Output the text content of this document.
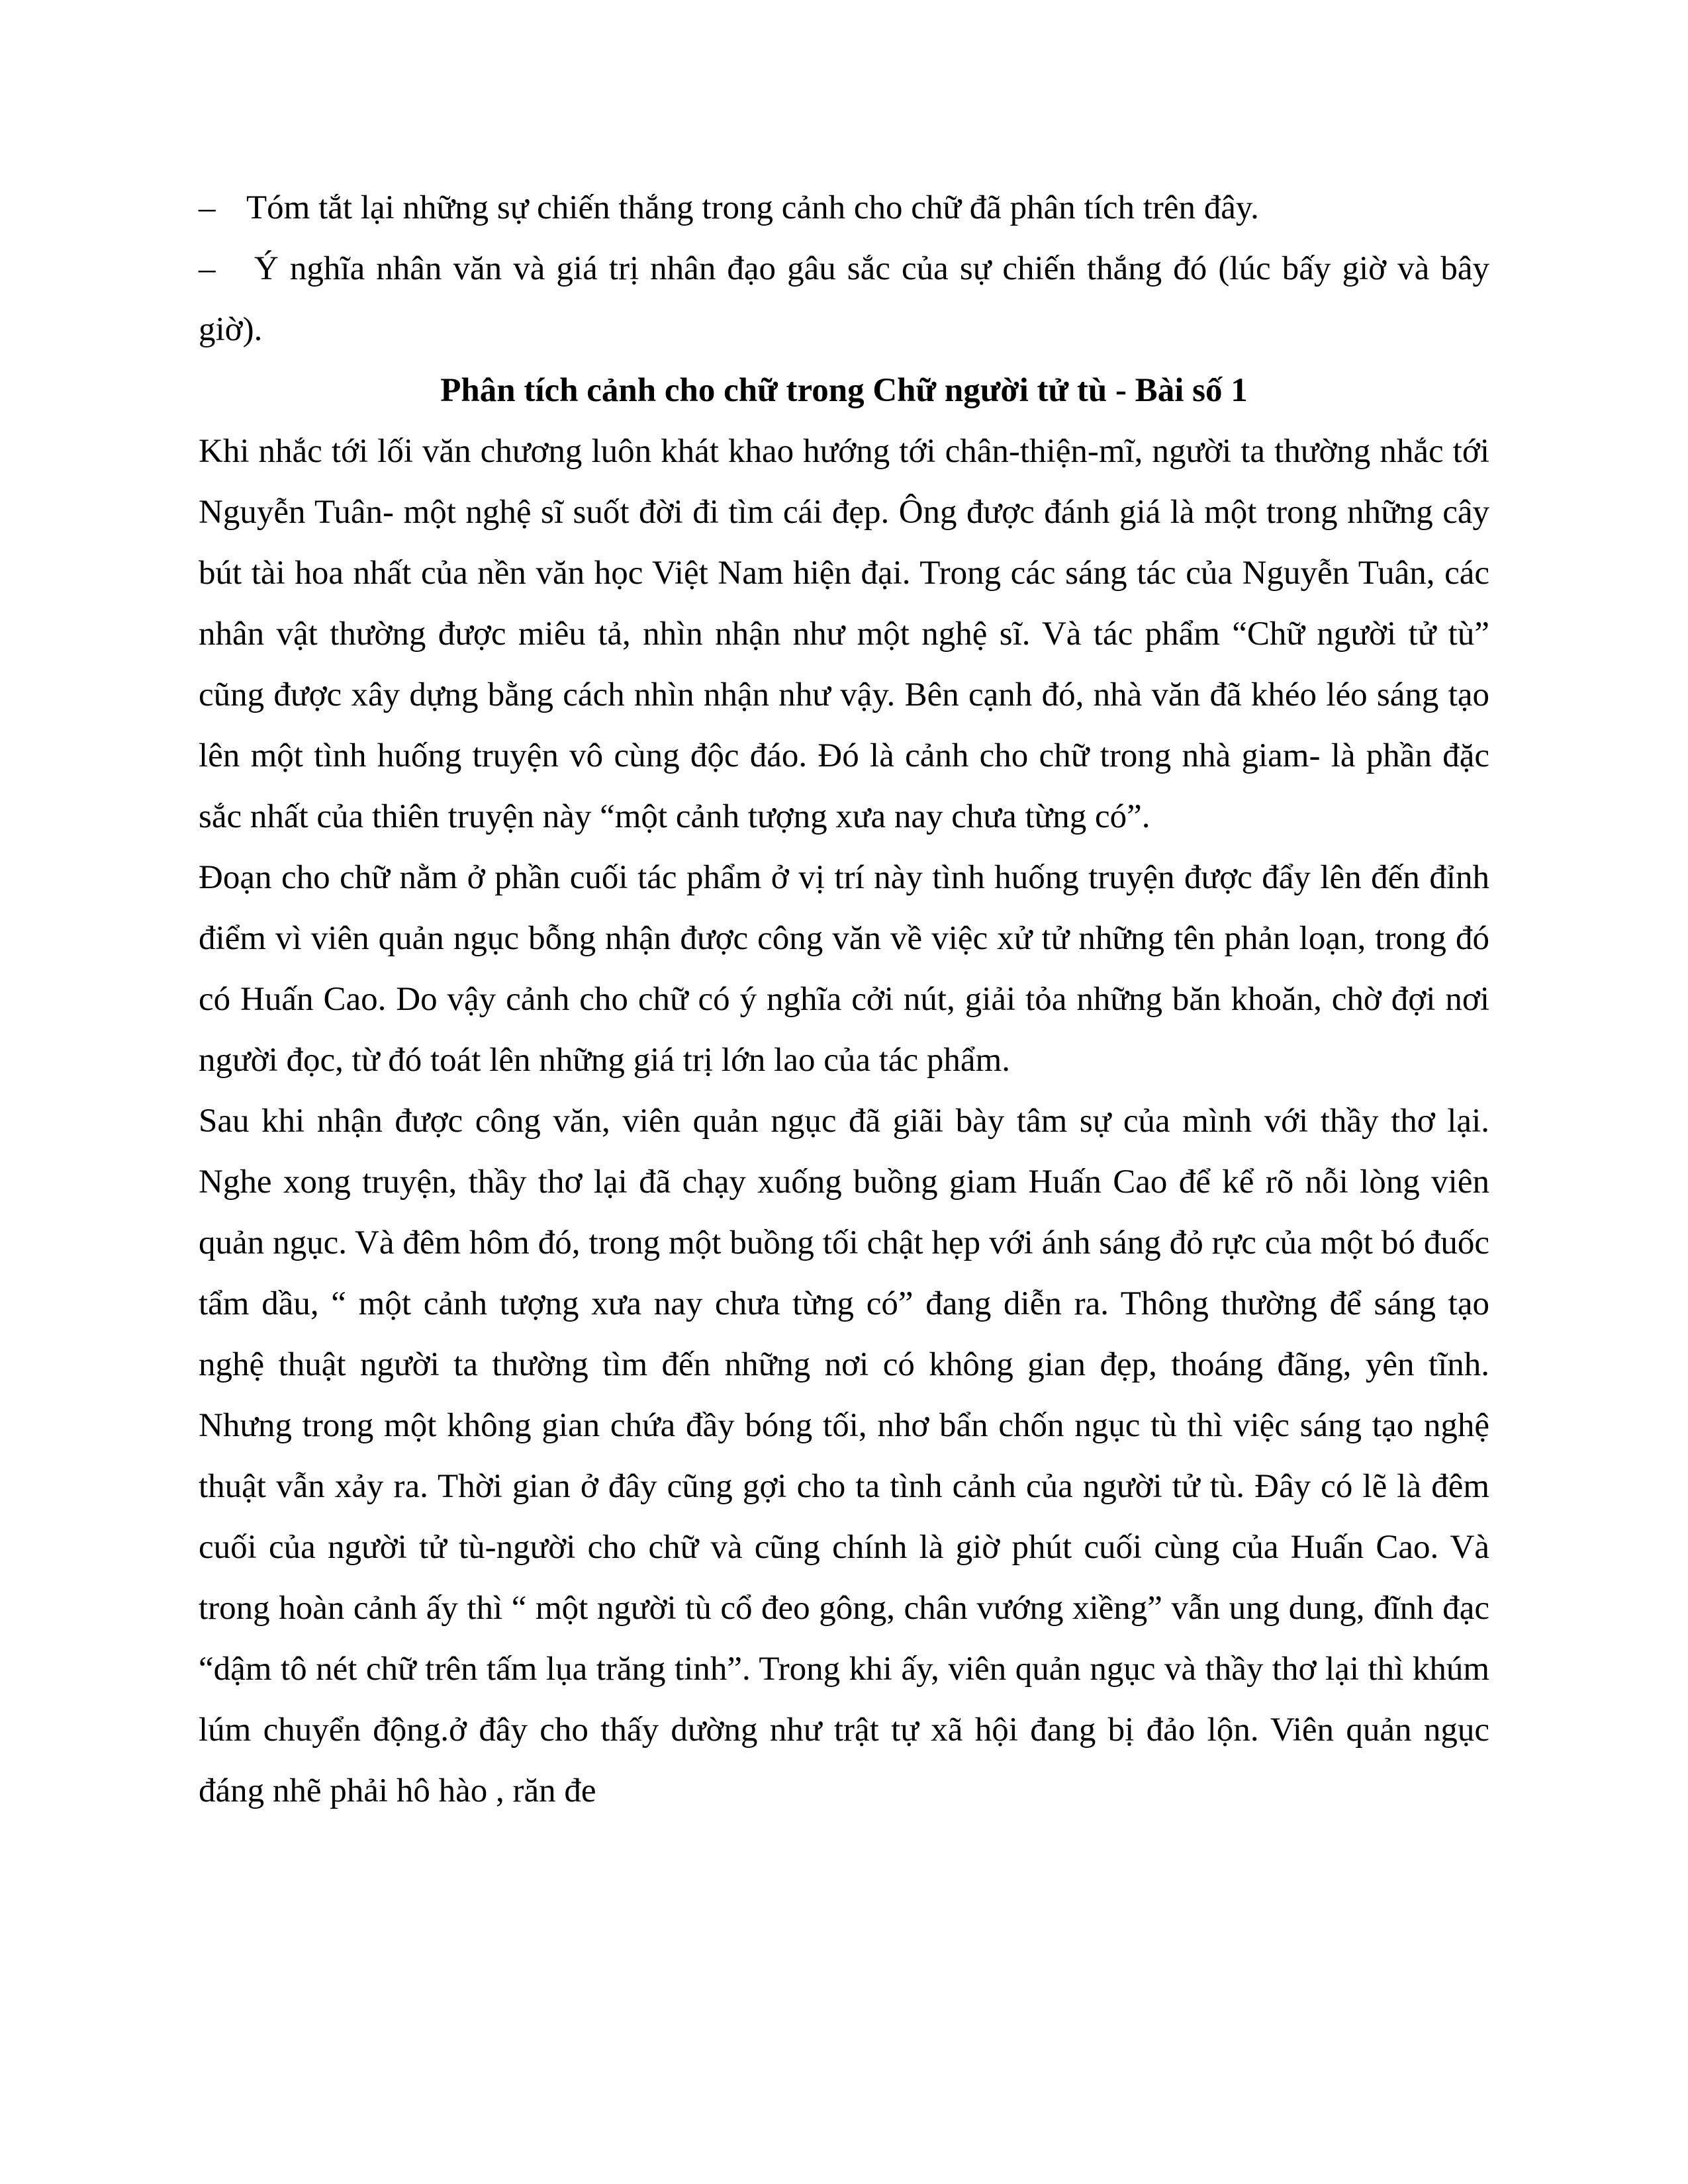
– Tóm tắt lại những sự chiến thắng trong cảnh cho chữ đã phân tích trên đây.

– Ý nghĩa nhân văn và giá trị nhân đạo gâu sắc của sự chiến thắng đó (lúc bấy giờ và bây giờ).

Phân tích cảnh cho chữ trong Chữ người tử tù - Bài số 1

Khi nhắc tới lối văn chương luôn khát khao hướng tới chân-thiện-mĩ, người ta thường nhắc tới Nguyễn Tuân- một nghệ sĩ suốt đời đi tìm cái đẹp. Ông được đánh giá là một trong những cây bút tài hoa nhất của nền văn học Việt Nam hiện đại. Trong các sáng tác của Nguyễn Tuân, các nhân vật thường được miêu tả, nhìn nhận như một nghệ sĩ. Và tác phẩm “Chữ người tử tù” cũng được xây dựng bằng cách nhìn nhận như vậy. Bên cạnh đó, nhà văn đã khéo léo sáng tạo lên một tình huống truyện vô cùng độc đáo. Đó là cảnh cho chữ trong nhà giam- là phần đặc sắc nhất của thiên truyện này “một cảnh tượng xưa nay chưa từng có”.

Đoạn cho chữ nằm ở phần cuối tác phẩm ở vị trí này tình huống truyện được đẩy lên đến đỉnh điểm vì viên quản ngục bỗng nhận được công văn về việc xử tử những tên phản loạn, trong đó có Huấn Cao. Do vậy cảnh cho chữ có ý nghĩa cởi nút, giải tỏa những băn khoăn, chờ đợi nơi người đọc, từ đó toát lên những giá trị lớn lao của tác phẩm.

Sau khi nhận được công văn, viên quản ngục đã giãi bày tâm sự của mình với thầy thơ lại. Nghe xong truyện, thầy thơ lại đã chạy xuống buồng giam Huấn Cao để kể rõ nỗi lòng viên quản ngục. Và đêm hôm đó, trong một buồng tối chật hẹp với ánh sáng đỏ rực của một bó đuốc tẩm dầu, “ một cảnh tượng xưa nay chưa từng có” đang diễn ra. Thông thường để sáng tạo nghệ thuật người ta thường tìm đến những nơi có không gian đẹp, thoáng đãng, yên tĩnh. Nhưng trong một không gian chứa đầy bóng tối, nhơ bẩn chốn ngục tù thì việc sáng tạo nghệ thuật vẫn xảy ra. Thời gian ở đây cũng gợi cho ta tình cảnh của người tử tù. Đây có lẽ là đêm cuối của người tử tù-người cho chữ và cũng chính là giờ phút cuối cùng của Huấn Cao. Và trong hoàn cảnh ấy thì “ một người tù cổ đeo gông, chân vướng xiềng” vẫn ung dung, đĩnh đạc “dậm tô nét chữ trên tấm lụa trăng tinh”. Trong khi ấy, viên quản ngục và thầy thơ lại thì khúm lúm chuyển động.ở đây cho thấy dường như trật tự xã hội đang bị đảo lộn. Viên quản ngục đáng nhẽ phải hô hào , răn đe
